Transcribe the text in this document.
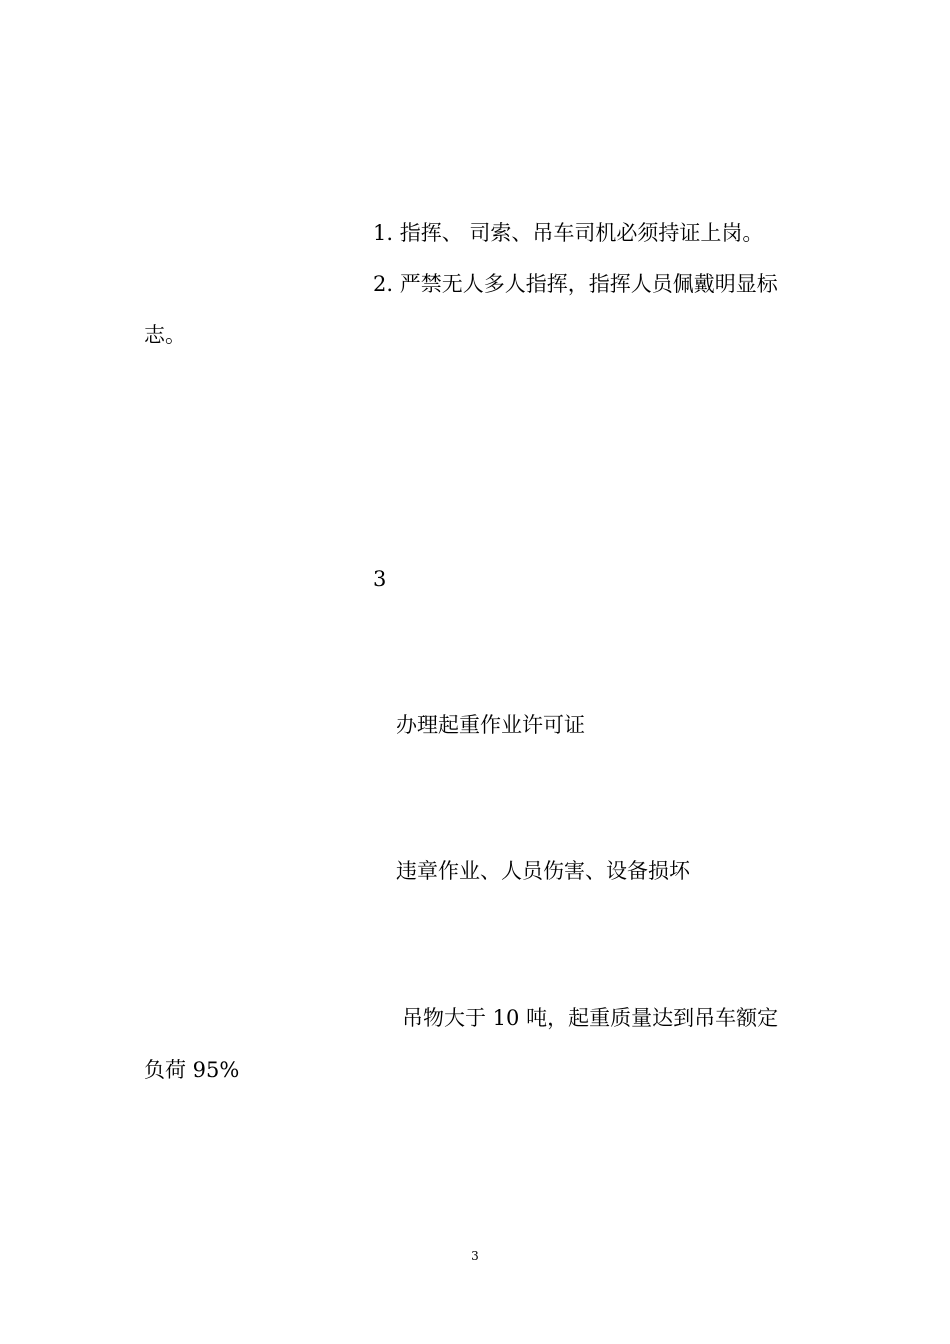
1. 指挥、 司索、吊车司机必须持证上岗。
2. 严禁无人多人指挥，指挥人员佩戴明显标
志。
3
办理起重作业许可证
违章作业、人员伤害、设备损坏
吊物大于 10 吨，起重质量达到吊车额定
负荷 95%
3
